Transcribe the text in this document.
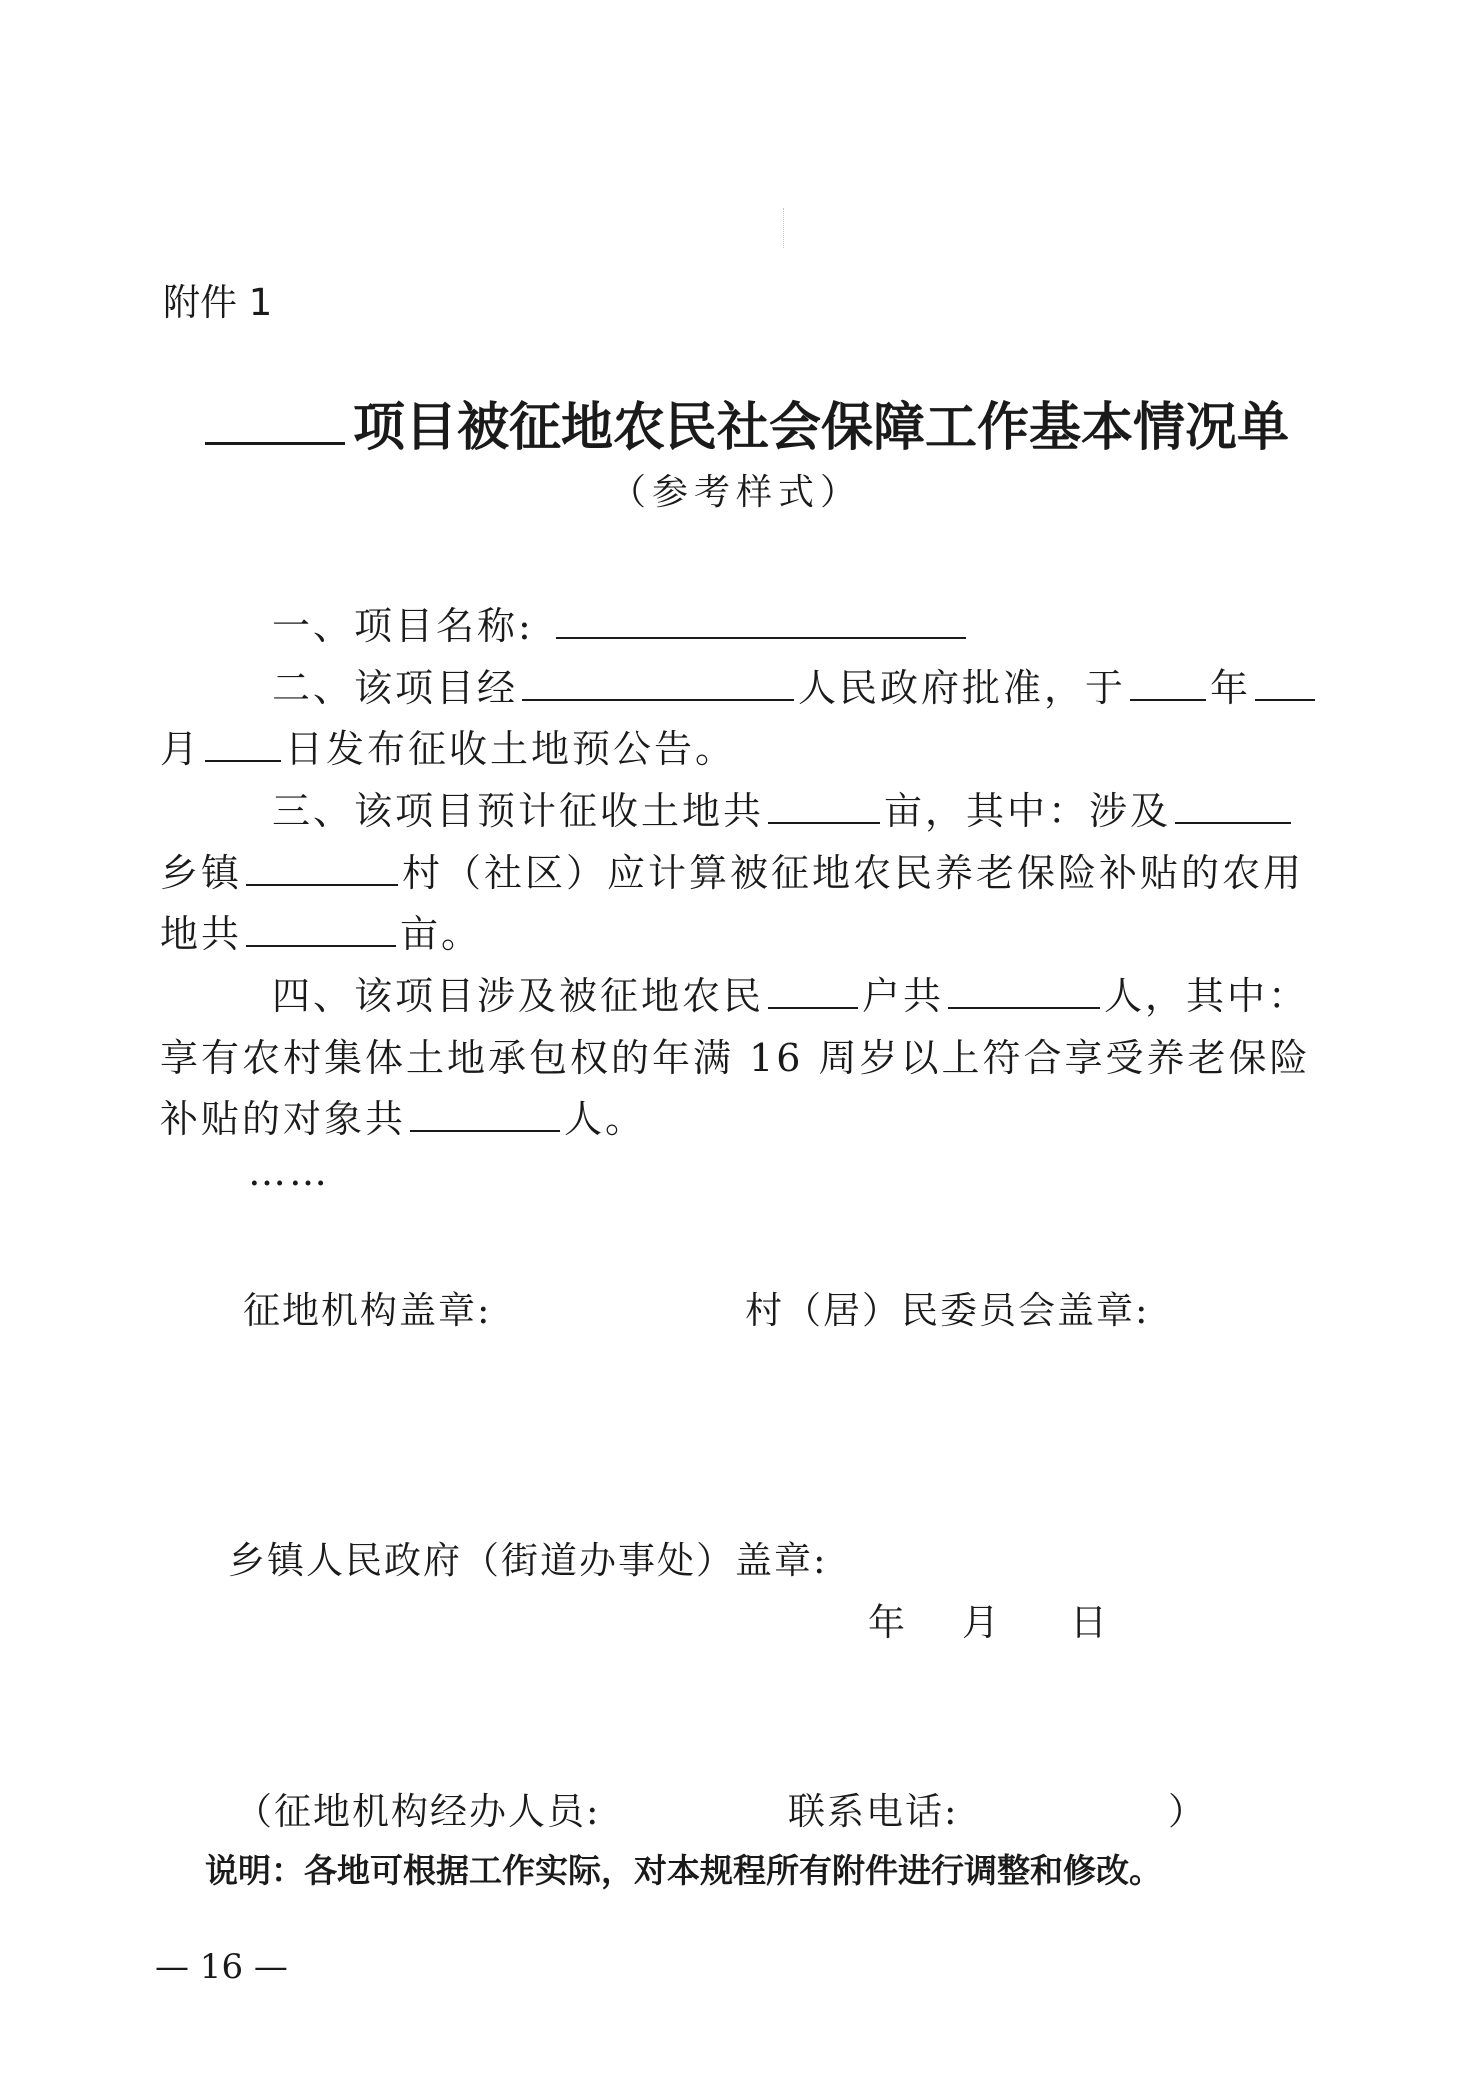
附件 1
项目被征地农民社会保障工作基本情况单
（参考样式）
一、项目名称:
二、该项目经	人民政府批准，于 年
月 日发布征收土地预公告。
三、该项目预计征收土地共	亩，其中：涉及
乡镇	村（社区）应计算被征地农民养老保险补贴的农用
地共	亩。
四、该项目涉及被征地农民	户共	人，其中：
享有农村集体土地承包权的年满 16 周岁以上符合享受养老保险
补贴的对象共	人。
……
征地机构盖章:	村（居）民委员会盖章:
乡镇人民政府（街道办事处）盖章:
年 月 日
（征地机构经办人员:	联系电话:	）
说明：各地可根据工作实际，对本规程所有附件进行调整和修改。
— 16 —
